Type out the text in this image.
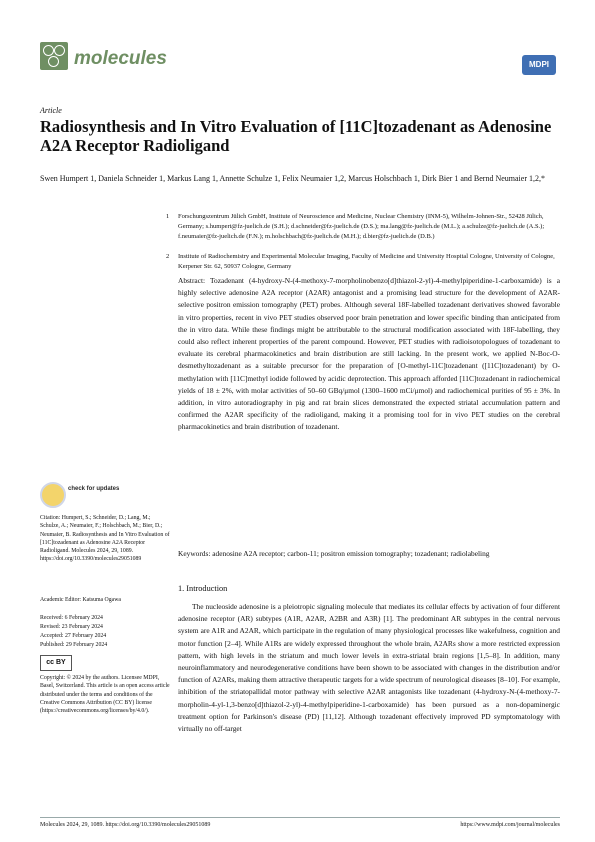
molecules	MDPI
Article
Radiosynthesis and In Vitro Evaluation of [11C]tozadenant as Adenosine A2A Receptor Radioligand
Swen Humpert 1, Daniela Schneider 1, Markus Lang 1, Annette Schulze 1, Felix Neumaier 1,2, Marcus Holschbach 1, Dirk Bier 1 and Bernd Neumaier 1,2,*
1 Forschungszentrum Jülich GmbH, Institute of Neuroscience and Medicine, Nuclear Chemistry (INM-5), Wilhelm-Johnen-Str., 52428 Jülich, Germany; s.humpert@fz-juelich.de (S.H.); d.schneider@fz-juelich.de (D.S.); ma.lang@fz-juelich.de (M.L.); a.schulze@fz-juelich.de (A.S.); f.neumaier@fz-juelich.de (F.N.); m.holschbach@fz-juelich.de (M.H.); d.bier@fz-juelich.de (D.B.)
2 Institute of Radiochemistry and Experimental Molecular Imaging, Faculty of Medicine and University Hospital Cologne, University of Cologne, Kerpener Str. 62, 50937 Cologne, Germany
Abstract: Tozadenant (4-hydroxy-N-(4-methoxy-7-morpholinobenzo[d]thiazol-2-yl)-4-methylpiperidine-1-carboxamide) is a highly selective adenosine A2A receptor (A2AR) antagonist and a promising lead structure for the development of A2AR-selective positron emission tomography (PET) probes. Although several 18F-labelled tozadenant derivatives showed favorable in vitro properties, recent in vivo PET studies observed poor brain penetration and lower specific binding than anticipated from the in vitro data. While these findings might be attributable to the structural modification associated with 18F-labelling, they could also reflect inherent properties of the parent compound. However, PET studies with radioisotopologues of tozadenant to evaluate its cerebral pharmacokinetics and brain distribution are still lacking. In the present work, we applied N-Boc-O-desmethyltozadenant as a suitable precursor for the preparation of [O-methyl-11C]tozadenant ([11C]tozadenant) by O-methylation with [11C]methyl iodide followed by acidic deprotection. This approach afforded [11C]tozadenant in radiochemical yields of 18 ± 2%, with molar activities of 50–60 GBq/μmol (1300–1600 mCi/μmol) and radiochemical purities of 95 ± 3%. In addition, in vitro autoradiography in pig and rat brain slices demonstrated the expected striatal accumulation pattern and confirmed the A2AR specificity of the radioligand, making it a promising tool for in vivo PET studies on the cerebral pharmacokinetics and brain distribution of tozadenant.
Keywords: adenosine A2A receptor; carbon-11; positron emission tomography; tozadenant; radiolabeling
check for updates
Citation: Humpert, S.; Schneider, D.; Lang, M.; Schulze, A.; Neumaier, F.; Holschbach, M.; Bier, D.; Neumaier, B. Radiosynthesis and In Vitro Evaluation of [11C]tozadenant as Adenosine A2A Receptor Radioligand. Molecules 2024, 29, 1089. https://doi.org/10.3390/molecules29051089
Academic Editor: Katsuma Ogawa
Received: 6 February 2024
Revised: 23 February 2024
Accepted: 27 February 2024
Published: 29 February 2024
cc BY
Copyright: © 2024 by the authors. Licensee MDPI, Basel, Switzerland. This article is an open access article distributed under the terms and conditions of the Creative Commons Attribution (CC BY) license (https://creativecommons.org/licenses/by/4.0/).
1. Introduction
The nucleoside adenosine is a pleiotropic signaling molecule that mediates its cellular effects by activation of four different adenosine receptor (AR) subtypes (A1R, A2AR, A2BR and A3R) [1]. The predominant AR subtypes in the central nervous system are A1R and A2AR, which participate in the regulation of many physiological processes like wakefulness, cognition and motor function [2–4]. While A1Rs are widely expressed throughout the whole brain, A2ARs show a more restricted expression pattern, with high levels in the striatum and much lower levels in extra-striatal brain regions [1,5–8]. In addition, many neuroinflammatory and neurodegenerative conditions have been shown to be associated with changes in the distribution and/or function of A2ARs, making them attractive therapeutic targets for a wide spectrum of neurological diseases [8–10]. For example, inhibition of the striatopallidal motor pathway with selective A2AR antagonists like tozadenant (4-hydroxy-N-(4-methoxy-7-morpholin-4-yl-1,3-benzo[d]thiazol-2-yl)-4-methylpiperidine-1-carboxamide) has been pursued as a non-dopaminergic treatment option for Parkinson's disease (PD) [11,12]. Although tozadenant effectively improved PD symptomatology with virtually no off-target
Molecules 2024, 29, 1089. https://doi.org/10.3390/molecules29051089	https://www.mdpi.com/journal/molecules
